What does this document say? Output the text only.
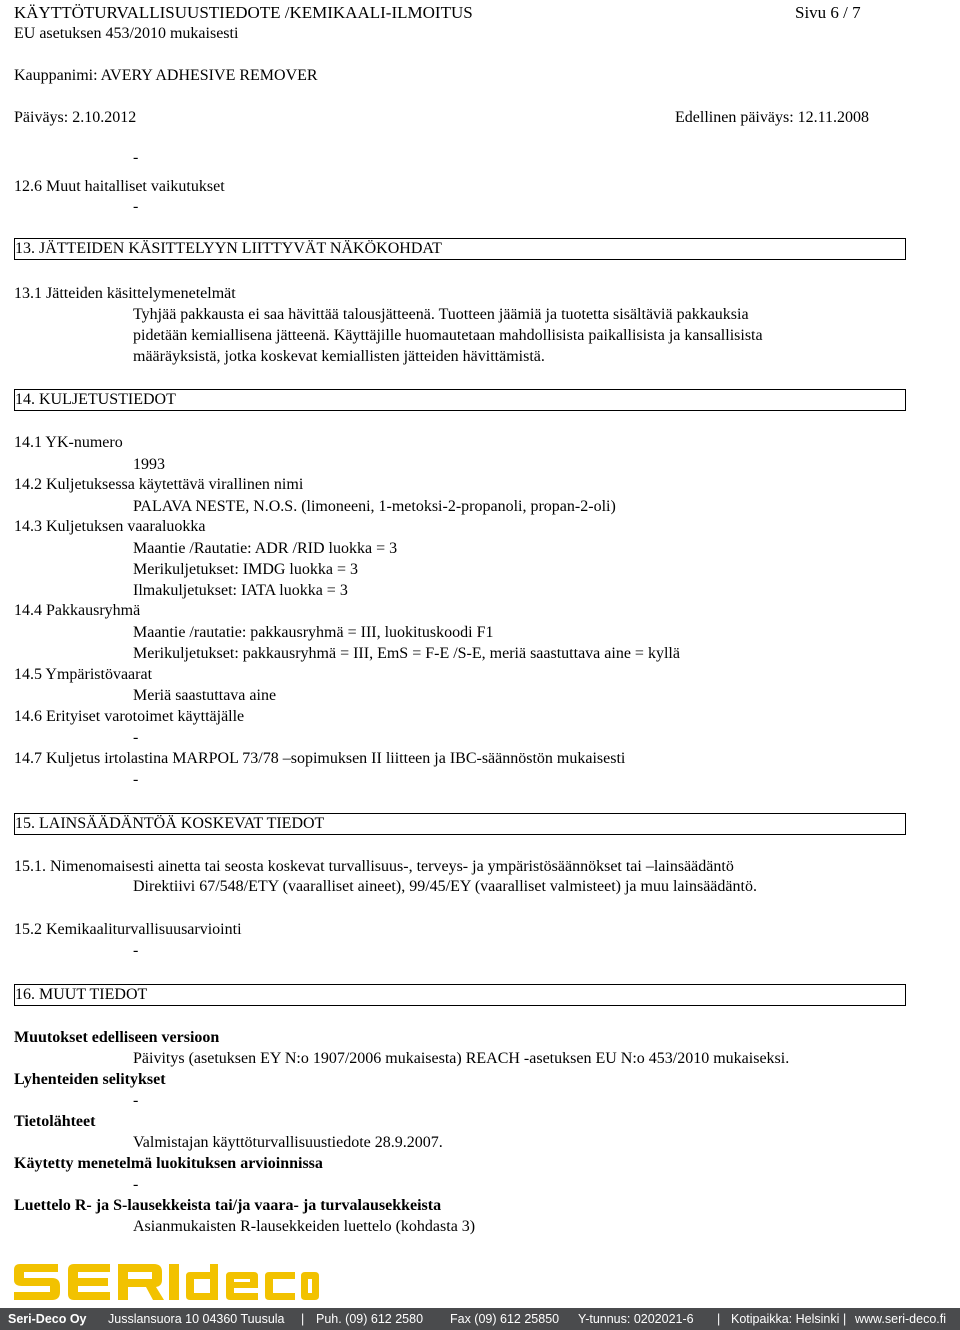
KÄYTTÖTURVALLISUUSTIEDOTE /KEMIKAALI-ILMOITUS	Sivu 6 / 7
EU asetuksen 453/2010 mukaisesti
Kauppanimi: AVERY ADHESIVE REMOVER
Päiväys: 2.10.2012	Edellinen päiväys: 12.11.2008
-
12.6 Muut haitalliset vaikutukset
-
13. JÄTTEIDEN KÄSITTELYYN LIITTYVÄT NÄKÖKOHDAT
13.1 Jätteiden käsittelymenetelmät
Tyhjää pakkausta ei saa hävittää talousjätteenä. Tuotteen jäämiä ja tuotetta sisältäviä pakkauksia
pidetään kemiallisena jätteenä. Käyttäjille huomautetaan mahdollisista paikallisista ja kansallisista
määräyksistä, jotka koskevat kemiallisten jätteiden hävittämistä.
14. KULJETUSTIEDOT
14.1 YK-numero
1993
14.2 Kuljetuksessa käytettävä virallinen nimi
PALAVA NESTE, N.O.S. (limoneeni, 1-metoksi-2-propanoli, propan-2-oli)
14.3 Kuljetuksen vaaraluokka
Maantie /Rautatie: ADR /RID luokka = 3
Merikuljetukset: IMDG luokka = 3
Ilmakuljetukset: IATA luokka = 3
14.4 Pakkausryhmä
Maantie /rautatie: pakkausryhmä = III, luokituskoodi F1
Merikuljetukset: pakkausryhmä = III, EmS = F-E /S-E, meriä saastuttava aine = kyllä
14.5 Ympäristövaarat
Meriä saastuttava aine
14.6 Erityiset varotoimet käyttäjälle
-
14.7 Kuljetus irtolastina MARPOL 73/78 –sopimuksen II liitteen ja IBC-säännöstön mukaisesti
-
15. LAINSÄÄDÄNTÖÄ KOSKEVAT TIEDOT
15.1. Nimenomaisesti ainetta tai seosta koskevat turvallisuus-, terveys- ja ympäristösäännökset tai –lainsäädäntö
Direktiivi 67/548/ETY (vaaralliset aineet), 99/45/EY (vaaralliset valmisteet) ja muu lainsäädäntö.
15.2 Kemikaaliturvallisuusarviointi
-
16. MUUT TIEDOT
Muutokset edelliseen versioon
Päivitys (asetuksen EY N:o 1907/2006 mukaisesta) REACH -asetuksen EU N:o 453/2010 mukaiseksi.
Lyhenteiden selitykset
-
Tietolähteet
Valmistajan käyttöturvallisuustiedote 28.9.2007.
Käytetty menetelmä luokituksen arvioinnissa
-
Luettelo R- ja S-lausekkeista tai/ja vaara- ja turvalausekkeista
Asianmukaisten R-lausekkeiden luettelo (kohdasta 3)
Seri-Deco Oy Jusslansuora 10 04360 Tuusula | Puh. (09) 612 2580 Fax (09) 612 25850 Y-tunnus: 0202021-6 | Kotipaikka: Helsinki | www.seri-deco.fi
